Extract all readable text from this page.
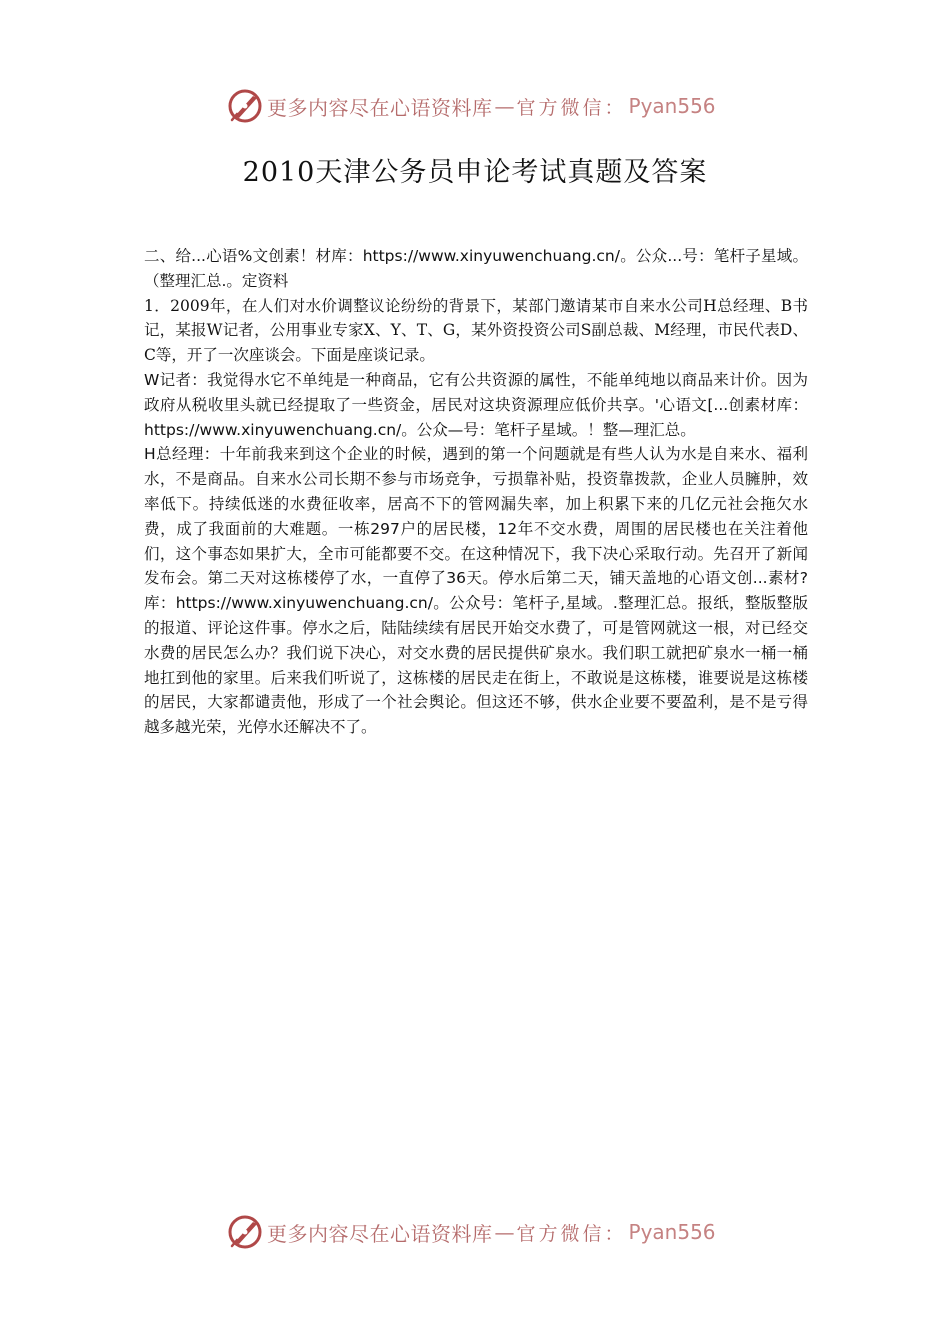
更多内容尽在心语资料库 — 官方微信： Pyan556
2010天津公务员申论考试真题及答案

二、给...心语%文创素！材库：https://www.xinyuwenchuang.cn/。公众...号：笔杆子星域。（整理汇总.。定资料

1．2009年，在人们对水价调整议论纷纷的背景下，某部门邀请某市自来水公司H总经理、B书记，某报W记者，公用事业专家X、Y、T、G，某外资投资公司S副总裁、M经理，市民代表D、C等，开了一次座谈会。下面是座谈记录。

W记者：我觉得水它不单纯是一种商品，它有公共资源的属性，不能单纯地以商品来计价。因为政府从税收里头就已经提取了一些资金，居民对这块资源理应低价共享。'心语文[...创素材库：https://www.xinyuwenchuang.cn/。公众—号：笔杆子星域。！整—理汇总。

H总经理：十年前我来到这个企业的时候，遇到的第一个问题就是有些人认为水是自来水、福利水，不是商品。自来水公司长期不参与市场竞争，亏损靠补贴，投资靠拨款，企业人员臃肿，效率低下。持续低迷的水费征收率，居高不下的管网漏失率，加上积累下来的几亿元社会拖欠水费，成了我面前的大难题。一栋297户的居民楼，12年不交水费，周围的居民楼也在关注着他们，这个事态如果扩大，全市可能都要不交。在这种情况下，我下决心采取行动。先召开了新闻发布会。第二天对这栋楼停了水，一直停了36天。停水后第二天，铺天盖地的心语文创...素材?库：https://www.xinyuwenchuang.cn/。公众号：笔杆子,星域。.整理汇总。报纸，整版整版的报道、评论这件事。停水之后，陆陆续续有居民开始交水费了，可是管网就这一根，对已经交水费的居民怎么办？我们说下决心，对交水费的居民提供矿泉水。我们职工就把矿泉水一桶一桶地扛到他的家里。后来我们听说了，这栋楼的居民走在街上，不敢说是这栋楼，谁要说是这栋楼的居民，大家都谴责他，形成了一个社会舆论。但这还不够，供水企业要不要盈利，是不是亏得越多越光荣，光停水还解决不了。

更多内容尽在心语资料库 — 官方微信： Pyan556
